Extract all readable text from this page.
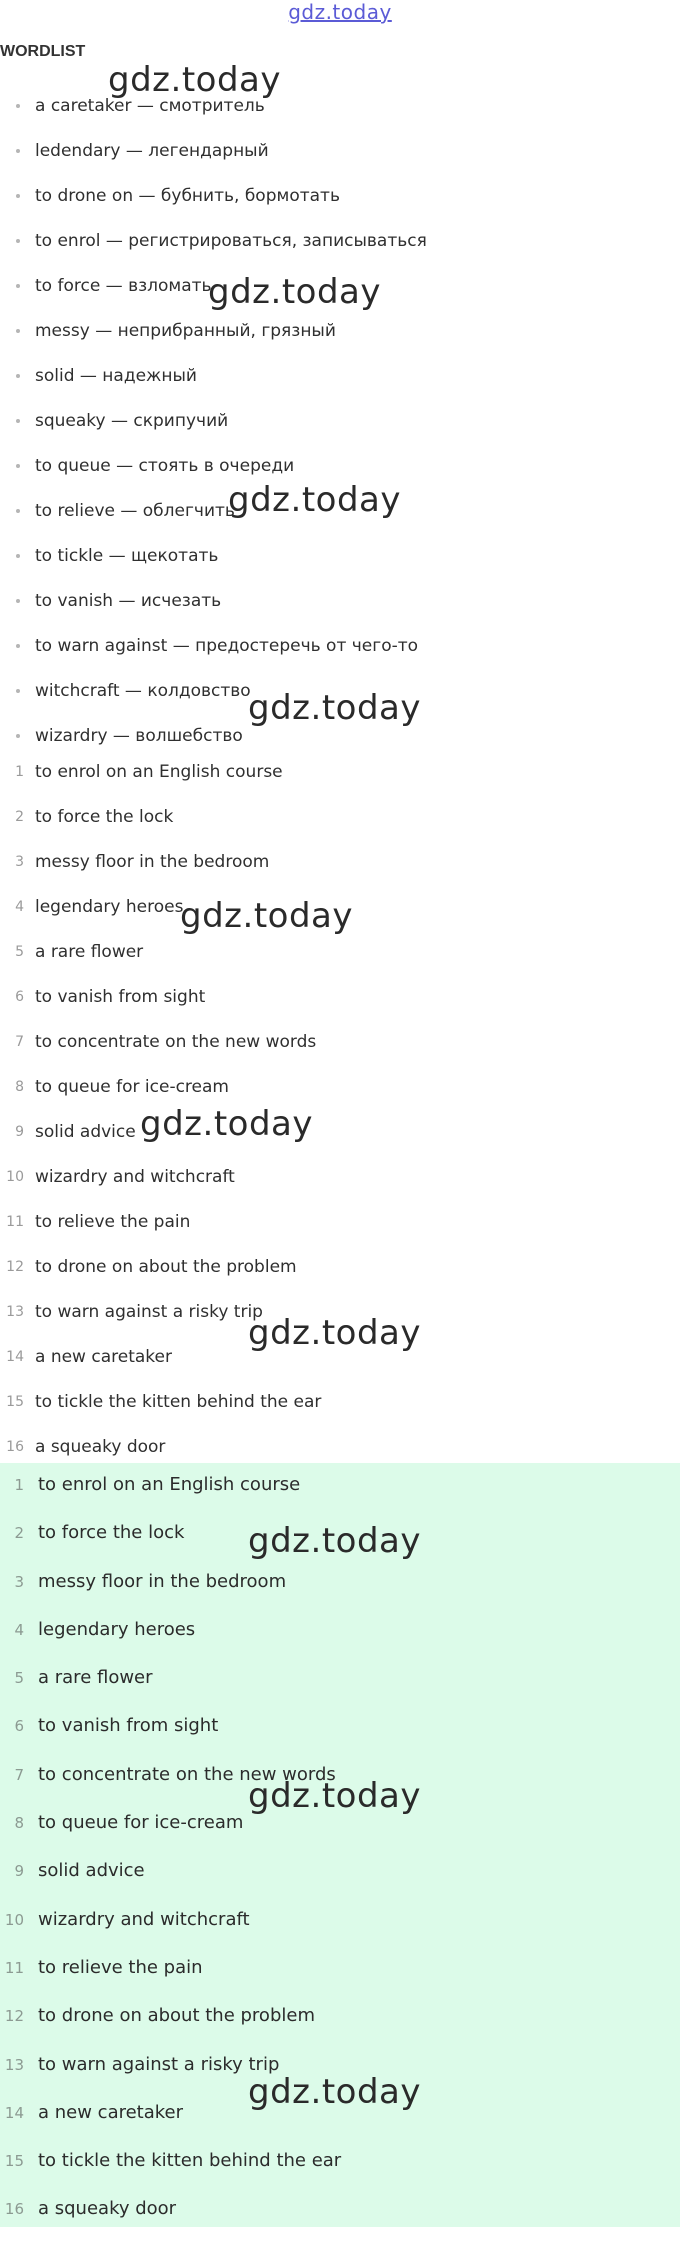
gdz.today
WORDLIST
a caretaker — смотритель
ledendary — легендарный
to drone on — бубнить, бормотать
to enrol — регистрироваться, записываться
to force — взломать
messy — неприбранный, грязный
solid — надежный
squeaky — скрипучий
to queue — стоять в очереди
to relieve — облегчить
to tickle — щекотать
to vanish — исчезать
to warn against — предостеречь от чего-то
witchcraft — колдовство
wizardry — волшебство
1 to enrol on an English course
2 to force the lock
3 messy floor in the bedroom
4 legendary heroes
5 a rare flower
6 to vanish from sight
7 to concentrate on the new words
8 to queue for ice-cream
9 solid advice
10 wizardry and witchcraft
11 to relieve the pain
12 to drone on about the problem
13 to warn against a risky trip
14 a new caretaker
15 to tickle the kitten behind the ear
16 a squeaky door
1 to enrol on an English course
2 to force the lock
3 messy floor in the bedroom
4 legendary heroes
5 a rare flower
6 to vanish from sight
7 to concentrate on the new words
8 to queue for ice-cream
9 solid advice
10 wizardry and witchcraft
11 to relieve the pain
12 to drone on about the problem
13 to warn against a risky trip
14 a new caretaker
15 to tickle the kitten behind the ear
16 a squeaky door
gdz.today
gdz.today
gdz.today
gdz.today
gdz.today
gdz.today
gdz.today
gdz.today
gdz.today
gdz.today
